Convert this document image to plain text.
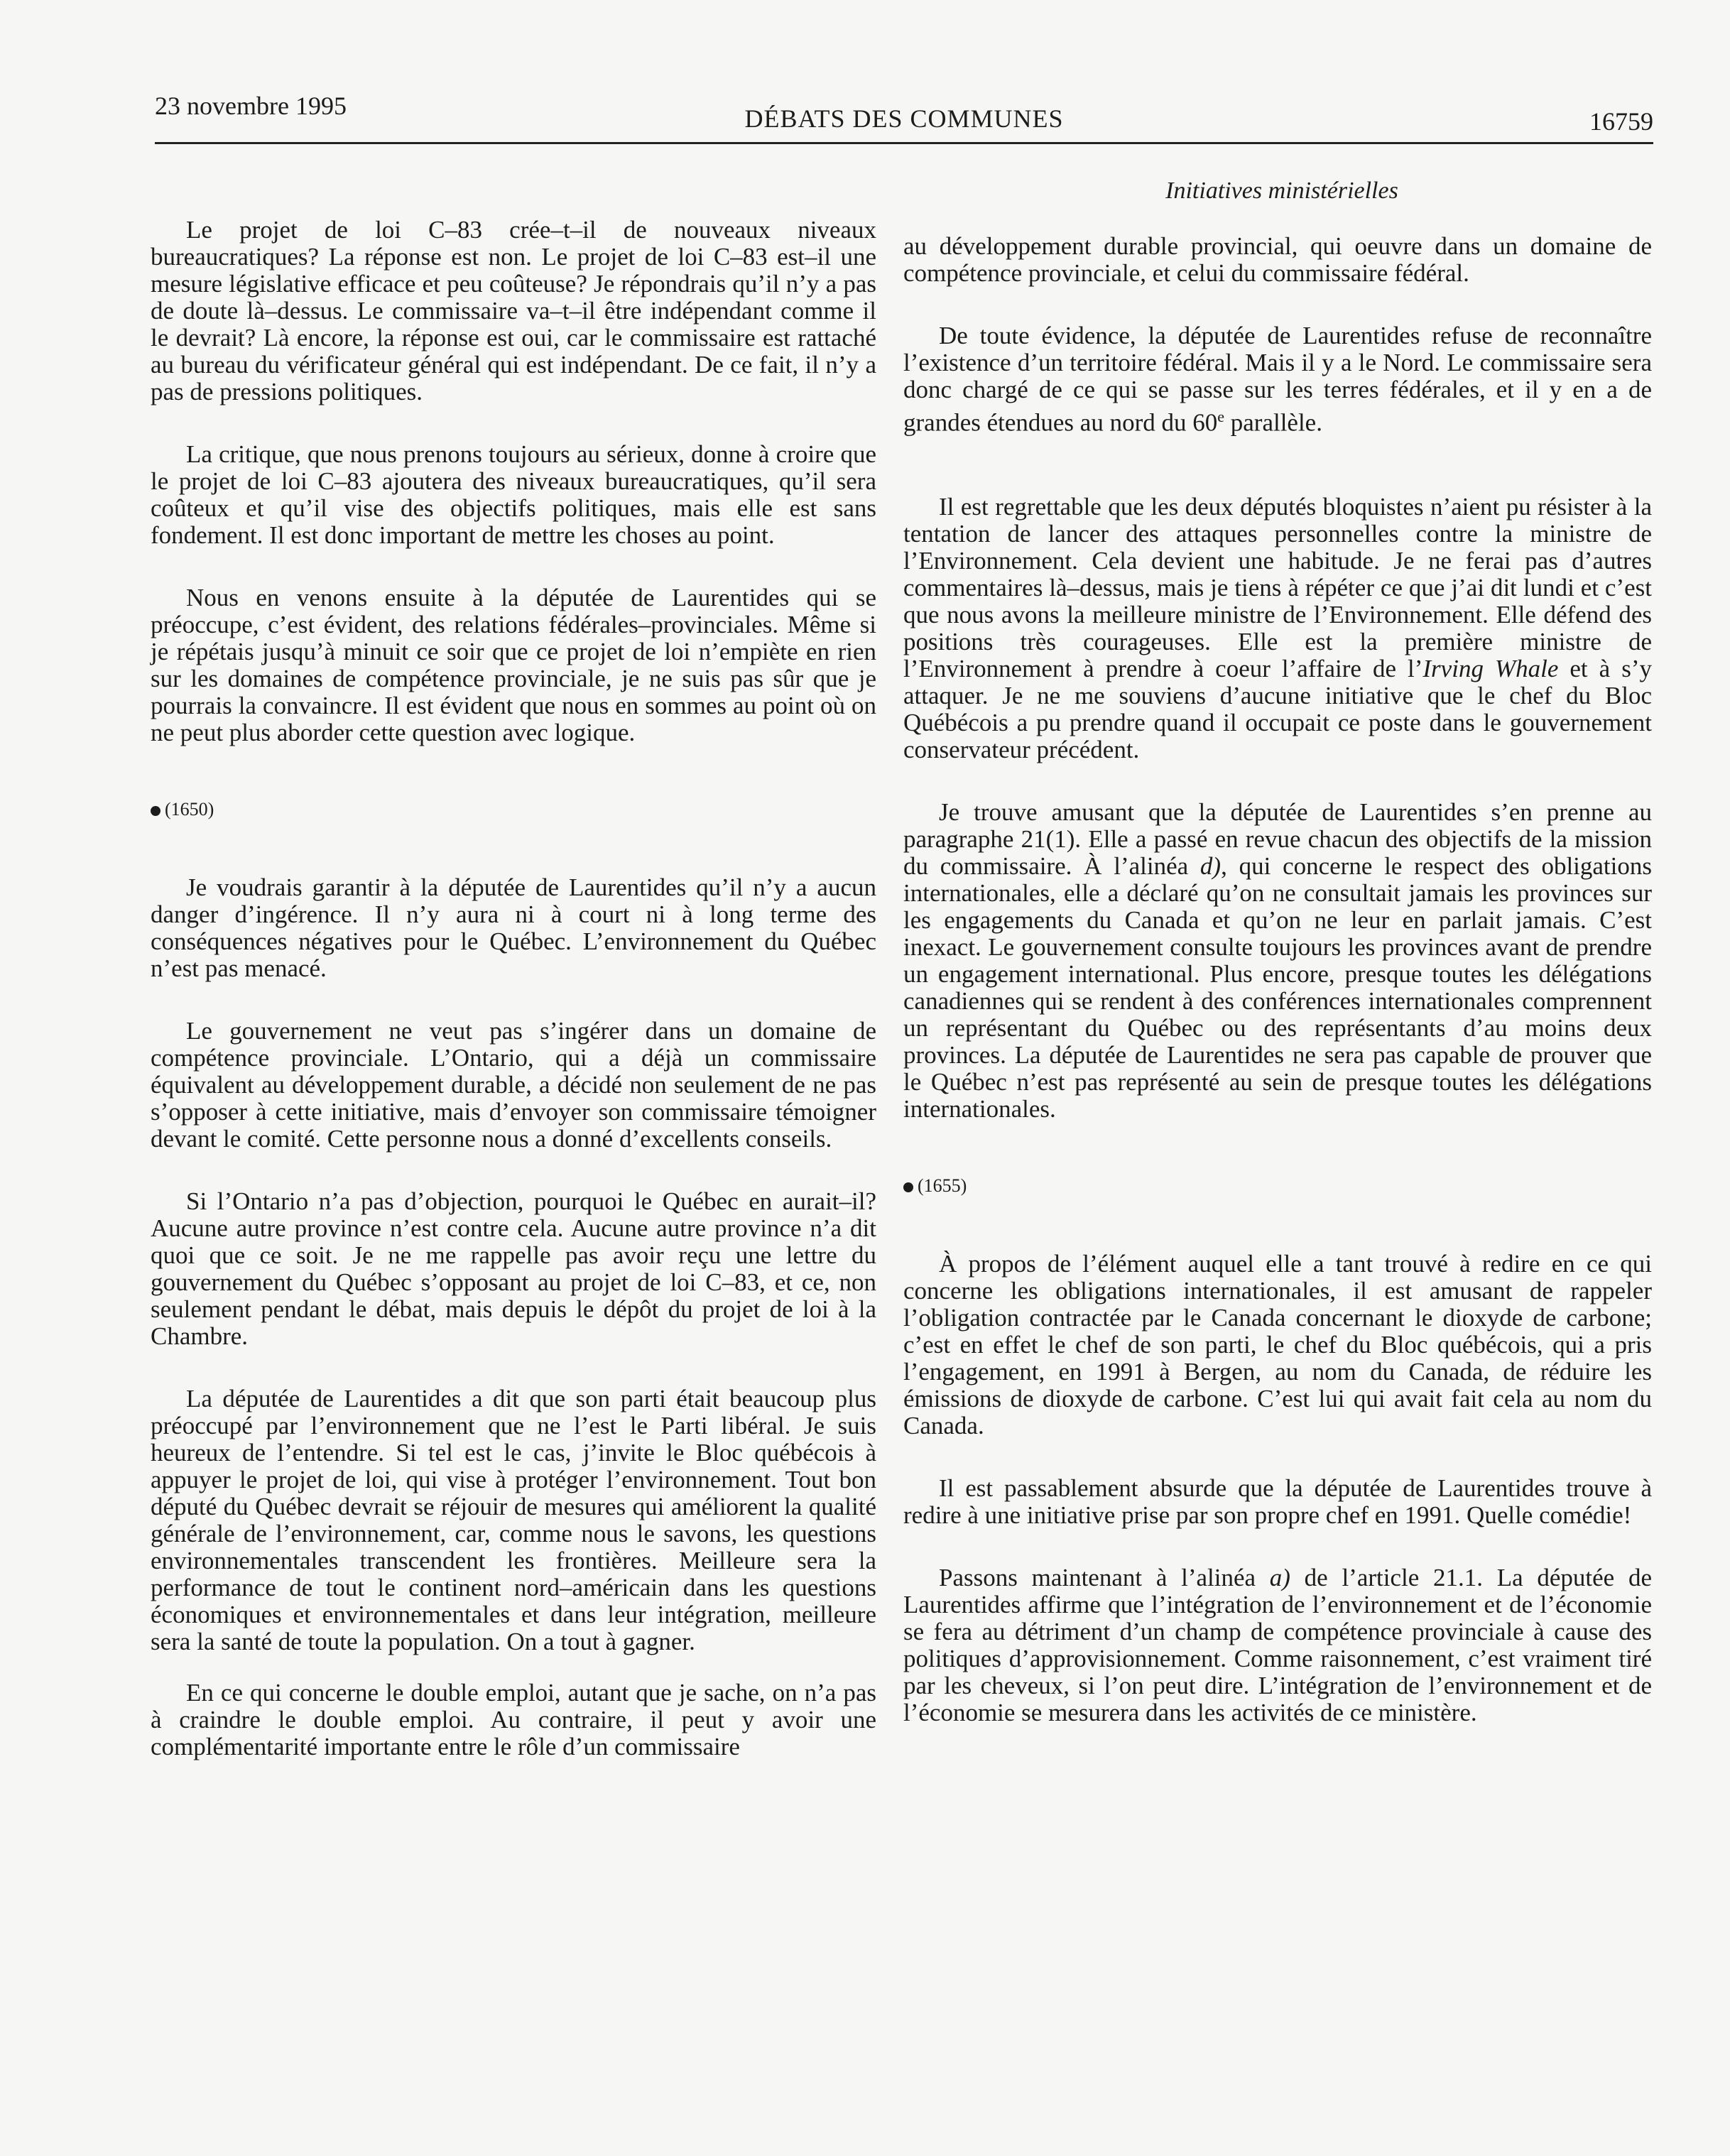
23 novembre 1995	DÉBATS DES COMMUNES	16759
Initiatives ministérielles

Le projet de loi C–83 crée–t–il de nouveaux niveaux bureaucratiques? La réponse est non. Le projet de loi C–83 est–il une mesure législative efficace et peu coûteuse? Je répondrais qu’il n’y a pas de doute là–dessus. Le commissaire va–t–il être indépendant comme il le devrait? Là encore, la réponse est oui, car le commissaire est rattaché au bureau du vérificateur général qui est indépendant. De ce fait, il n’y a pas de pressions politiques.

La critique, que nous prenons toujours au sérieux, donne à croire que le projet de loi C–83 ajoutera des niveaux bureaucratiques, qu’il sera coûteux et qu’il vise des objectifs politiques, mais elle est sans fondement. Il est donc important de mettre les choses au point.

Nous en venons ensuite à la députée de Laurentides qui se préoccupe, c’est évident, des relations fédérales–provinciales. Même si je répétais jusqu’à minuit ce soir que ce projet de loi n’empiète en rien sur les domaines de compétence provinciale, je ne suis pas sûr que je pourrais la convaincre. Il est évident que nous en sommes au point où on ne peut plus aborder cette question avec logique.

(1650)

Je voudrais garantir à la députée de Laurentides qu’il n’y a aucun danger d’ingérence. Il n’y aura ni à court ni à long terme des conséquences négatives pour le Québec. L’environnement du Québec n’est pas menacé.

Le gouvernement ne veut pas s’ingérer dans un domaine de compétence provinciale. L’Ontario, qui a déjà un commissaire équivalent au développement durable, a décidé non seulement de ne pas s’opposer à cette initiative, mais d’envoyer son commissaire témoigner devant le comité. Cette personne nous a donné d’excellents conseils.

Si l’Ontario n’a pas d’objection, pourquoi le Québec en aurait–il? Aucune autre province n’est contre cela. Aucune autre province n’a dit quoi que ce soit. Je ne me rappelle pas avoir reçu une lettre du gouvernement du Québec s’opposant au projet de loi C–83, et ce, non seulement pendant le débat, mais depuis le dépôt du projet de loi à la Chambre.

La députée de Laurentides a dit que son parti était beaucoup plus préoccupé par l’environnement que ne l’est le Parti libéral. Je suis heureux de l’entendre. Si tel est le cas, j’invite le Bloc québécois à appuyer le projet de loi, qui vise à protéger l’environnement. Tout bon député du Québec devrait se réjouir de mesures qui améliorent la qualité générale de l’environnement, car, comme nous le savons, les questions environnementales transcendent les frontières. Meilleure sera la performance de tout le continent nord–américain dans les questions économiques et environnementales et dans leur intégration, meilleure sera la santé de toute la population. On a tout à gagner.

En ce qui concerne le double emploi, autant que je sache, on n’a pas à craindre le double emploi. Au contraire, il peut y avoir une complémentarité importante entre le rôle d’un commissaire

au développement durable provincial, qui oeuvre dans un domaine de compétence provinciale, et celui du commissaire fédéral.

De toute évidence, la députée de Laurentides refuse de reconnaître l’existence d’un territoire fédéral. Mais il y a le Nord. Le commissaire sera donc chargé de ce qui se passe sur les terres fédérales, et il y en a de grandes étendues au nord du 60e parallèle.

Il est regrettable que les deux députés bloquistes n’aient pu résister à la tentation de lancer des attaques personnelles contre la ministre de l’Environnement. Cela devient une habitude. Je ne ferai pas d’autres commentaires là–dessus, mais je tiens à répéter ce que j’ai dit lundi et c’est que nous avons la meilleure ministre de l’Environnement. Elle défend des positions très courageuses. Elle est la première ministre de l’Environnement à prendre à coeur l’affaire de l’Irving Whale et à s’y attaquer. Je ne me souviens d’aucune initiative que le chef du Bloc Québécois a pu prendre quand il occupait ce poste dans le gouvernement conservateur précédent.

Je trouve amusant que la députée de Laurentides s’en prenne au paragraphe 21(1). Elle a passé en revue chacun des objectifs de la mission du commissaire. À l’alinéa d), qui concerne le respect des obligations internationales, elle a déclaré qu’on ne consultait jamais les provinces sur les engagements du Canada et qu’on ne leur en parlait jamais. C’est inexact. Le gouvernement consulte toujours les provinces avant de prendre un engagement international. Plus encore, presque toutes les délégations canadiennes qui se rendent à des conférences internationales comprennent un représentant du Québec ou des représentants d’au moins deux provinces. La députée de Laurentides ne sera pas capable de prouver que le Québec n’est pas représenté au sein de presque toutes les délégations internationales.

(1655)

À propos de l’élément auquel elle a tant trouvé à redire en ce qui concerne les obligations internationales, il est amusant de rappeler l’obligation contractée par le Canada concernant le dioxyde de carbone; c’est en effet le chef de son parti, le chef du Bloc québécois, qui a pris l’engagement, en 1991 à Bergen, au nom du Canada, de réduire les émissions de dioxyde de carbone. C’est lui qui avait fait cela au nom du Canada.

Il est passablement absurde que la députée de Laurentides trouve à redire à une initiative prise par son propre chef en 1991. Quelle comédie!

Passons maintenant à l’alinéa a) de l’article 21.1. La députée de Laurentides affirme que l’intégration de l’environnement et de l’économie se fera au détriment d’un champ de compétence provinciale à cause des politiques d’approvisionnement. Comme raisonnement, c’est vraiment tiré par les cheveux, si l’on peut dire. L’intégration de l’environnement et de l’économie se mesurera dans les activités de ce ministère.
